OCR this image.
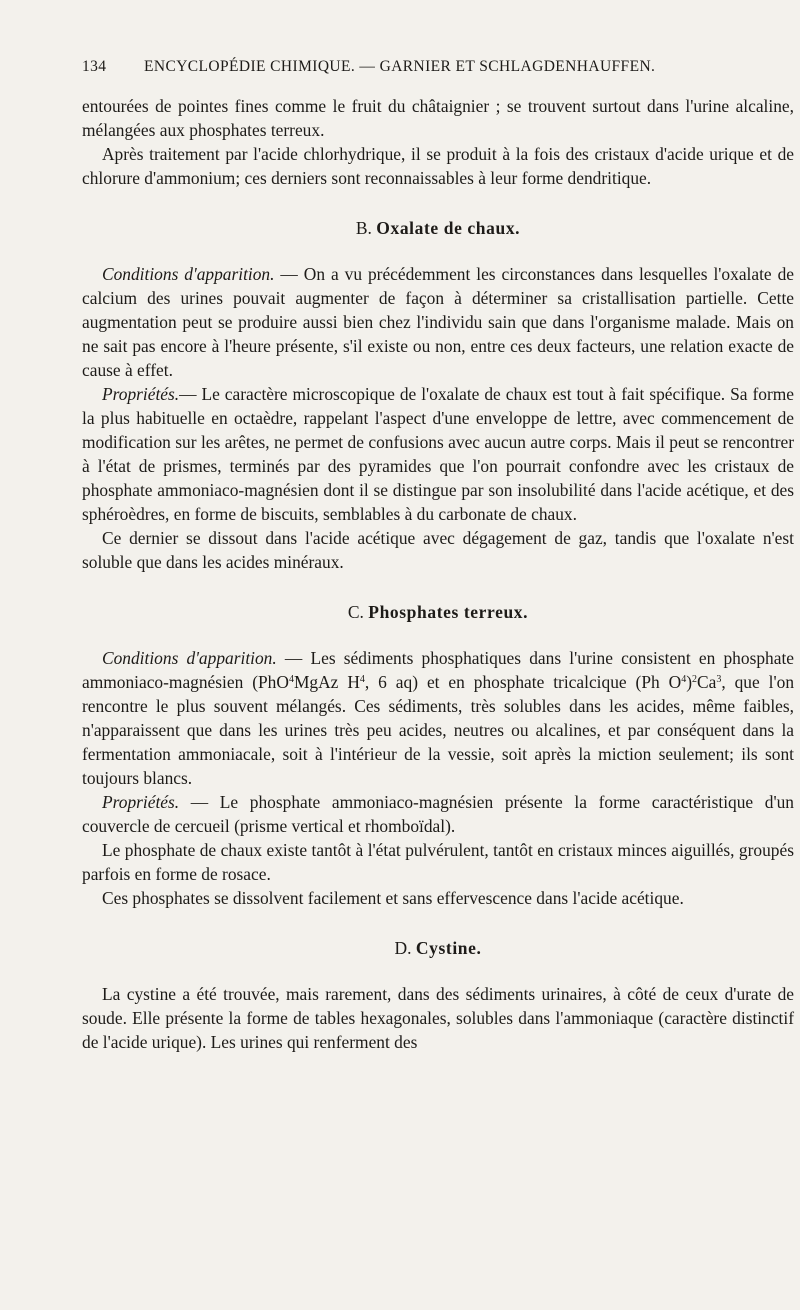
134 ENCYCLOPÉDIE CHIMIQUE. — GARNIER ET SCHLAGDENHAUFFEN.

entourées de pointes fines comme le fruit du châtaignier ; se trouvent surtout dans l'urine alcaline, mélangées aux phosphates terreux.

Après traitement par l'acide chlorhydrique, il se produit à la fois des cristaux d'acide urique et de chlorure d'ammonium; ces derniers sont reconnaissables à leur forme dendritique.

B. Oxalate de chaux.

Conditions d'apparition. — On a vu précédemment les circonstances dans lesquelles l'oxalate de calcium des urines pouvait augmenter de façon à déterminer sa cristallisation partielle. Cette augmentation peut se produire aussi bien chez l'individu sain que dans l'organisme malade. Mais on ne sait pas encore à l'heure présente, s'il existe ou non, entre ces deux facteurs, une relation exacte de cause à effet.

Propriétés.— Le caractère microscopique de l'oxalate de chaux est tout à fait spécifique. Sa forme la plus habituelle en octaèdre, rappelant l'aspect d'une enveloppe de lettre, avec commencement de modification sur les arêtes, ne permet de confusions avec aucun autre corps. Mais il peut se rencontrer à l'état de prismes, terminés par des pyramides que l'on pourrait confondre avec les cristaux de phosphate ammoniaco-magnésien dont il se distingue par son insolubilité dans l'acide acétique, et des sphéroèdres, en forme de biscuits, semblables à du carbonate de chaux.

Ce dernier se dissout dans l'acide acétique avec dégagement de gaz, tandis que l'oxalate n'est soluble que dans les acides minéraux.

C. Phosphates terreux.

Conditions d'apparition. — Les sédiments phosphatiques dans l'urine consistent en phosphate ammoniaco-magnésien (PhO$^4$MgAz $H^4$, 6 aq) et en phosphate tricalcique (Ph $O^4)^2Ca^3$, que l'on rencontre le plus souvent mélangés. Ces sédiments, très solubles dans les acides, même faibles, n'apparaissent que dans les urines très peu acides, neutres ou alcalines, et par conséquent dans la fermentation ammoniacale, soit à l'intérieur de la vessie, soit après la miction seulement; ils sont toujours blancs.

Propriétés. — Le phosphate ammoniaco-magnésien présente la forme caractéristique d'un couvercle de cercueil (prisme vertical et rhomboïdal).

Le phosphate de chaux existe tantôt à l'état pulvérulent, tantôt en cristaux minces aiguillés, groupés parfois en forme de rosace.

Ces phosphates se dissolvent facilement et sans effervescence dans l'acide acétique.

D. Cystine.

La cystine a été trouvée, mais rarement, dans des sédiments urinaires, à côté de ceux d'urate de soude. Elle présente la forme de tables hexagonales, solubles dans l'ammoniaque (caractère distinctif de l'acide urique). Les urines qui renferment des
